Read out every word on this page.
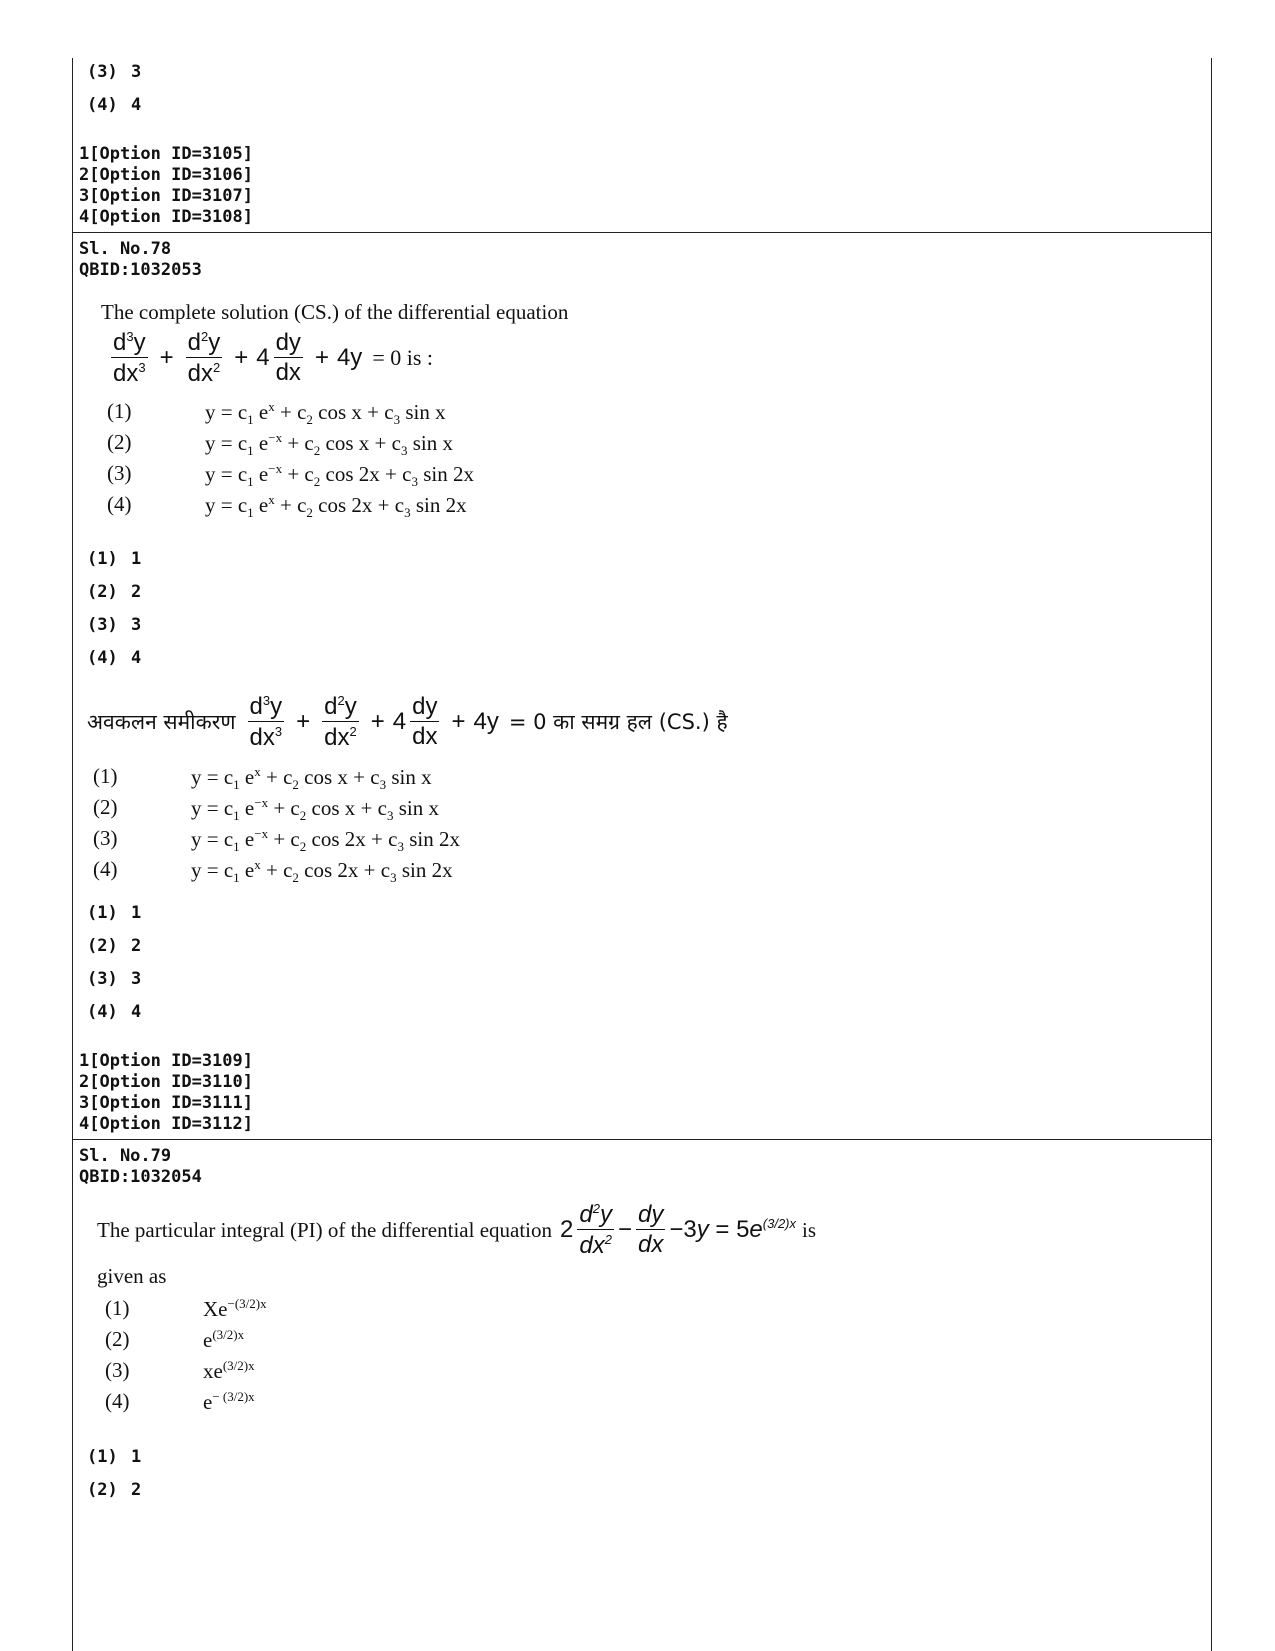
(3) 3
(4) 4
1[Option ID=3105]
2[Option ID=3106]
3[Option ID=3107]
4[Option ID=3108]
Sl. No.78
QBID:1032053
The complete solution (CS.) of the differential equation
$\frac{d^3y}{dx^3} + \frac{d^2y}{dx^2} + 4 \frac{dy}{dx} + 4y = 0$ is :
(1)	$y = c_1$ $e^x + c_2$ $\cos x + c_3$ sin x
(2)	$y = c_1$ $e^{-x} + c_2$ $\cos x + c_3$ sin x
(3)	$y = c_1$ $e^{-x} + c_2$ $\cos 2x + c_3$ sin 2x
(4)	$y = c_1$ $e^x + c_2$ $\cos 2x + c_3$ sin 2x
(1) 1
(2) 2
(3) 3
(4) 4
अवकलन समीकरण $\frac{d^3y}{dx^3} + \frac{d^2y}{dx^2} + 4 \frac{dy}{dx} + 4y = 0$ का समग्र हल (CS.) है
(1)	$y = c_1$ $e^x + c_2$ $\cos x + c_3$ sin x
(2)	$y = c_1$ $e^{-x} + c_2$ $\cos x + c_3$ sin x
(3)	$y = c_1$ $e^{-x} + c_2$ $\cos 2x + c_3$ sin 2x
(4)	$y = c_1$ $e^x + c_2$ $\cos 2x + c_3$ sin 2x
(1) 1
(2) 2
(3) 3
(4) 4
1[Option ID=3109]
2[Option ID=3110]
3[Option ID=3111]
4[Option ID=3112]
Sl. No.79
QBID:1032054
The particular integral (PI) of the differential equation $2 \frac{d^2y}{dx^2} - \frac{dy}{dx} -3y = 5e^{(3/2)x}$ is
given as
(1)	$Xe^{-(3/2)x}$
(2)	$e^{(3/2)x}$
(3)	$xe^{(3/2)x}$
(4)	$e^{- (3/2)x}$
(1) 1
(2) 2
